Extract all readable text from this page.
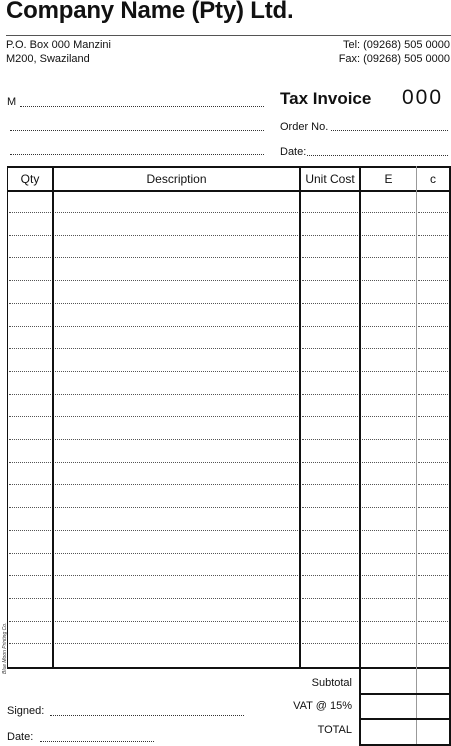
Company Name (Pty) Ltd.
P.O. Box 000 Manzini
M200, Swaziland
Tel: (09268) 505 0000
Fax: (09268) 505 0000
M	Tax Invoice 000
Order No.
Date:
Qty	Description	Unit Cost	E	c
Blue Moon Printing Co.
Subtotal
VAT @ 15%
TOTAL
Signed:
Date:
